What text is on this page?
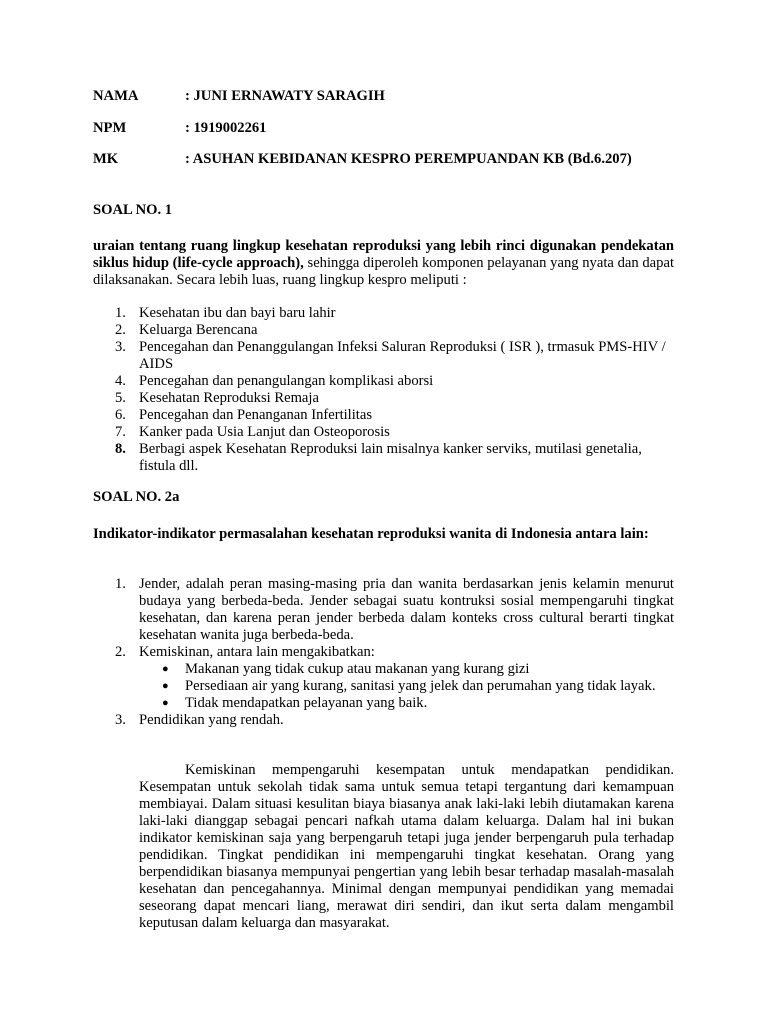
NAMA	: JUNI ERNAWATY SARAGIH
NPM	: 1919002261
MK	: ASUHAN KEBIDANAN KESPRO PEREMPUANDAN KB (Bd.6.207)
SOAL NO. 1
uraian tentang ruang lingkup kesehatan reproduksi yang lebih rinci digunakan pendekatan siklus hidup (life-cycle approach), sehingga diperoleh komponen pelayanan yang nyata dan dapat dilaksanakan. Secara lebih luas, ruang lingkup kespro meliputi :
1. Kesehatan ibu dan bayi baru lahir
2. Keluarga Berencana
3. Pencegahan dan Penanggulangan Infeksi Saluran Reproduksi ( ISR ), trmasuk PMS-HIV / AIDS
4. Pencegahan dan penangulangan komplikasi aborsi
5. Kesehatan Reproduksi Remaja
6. Pencegahan dan Penanganan Infertilitas
7. Kanker pada Usia Lanjut dan Osteoporosis
8. Berbagi aspek Kesehatan Reproduksi lain misalnya kanker serviks, mutilasi genetalia, fistula dll.
SOAL NO. 2a
Indikator-indikator permasalahan kesehatan reproduksi wanita di Indonesia antara lain:
1. Jender, adalah peran masing-masing pria dan wanita berdasarkan jenis kelamin menurut budaya yang berbeda-beda. Jender sebagai suatu kontruksi sosial mempengaruhi tingkat kesehatan, dan karena peran jender berbeda dalam konteks cross cultural berarti tingkat kesehatan wanita juga berbeda-beda.
2. Kemiskinan, antara lain mengakibatkan:
● Makanan yang tidak cukup atau makanan yang kurang gizi
● Persediaan air yang kurang, sanitasi yang jelek dan perumahan yang tidak layak.
● Tidak mendapatkan pelayanan yang baik.
3. Pendidikan yang rendah.
Kemiskinan mempengaruhi kesempatan untuk mendapatkan pendidikan. Kesempatan untuk sekolah tidak sama untuk semua tetapi tergantung dari kemampuan membiayai. Dalam situasi kesulitan biaya biasanya anak laki-laki lebih diutamakan karena laki-laki dianggap sebagai pencari nafkah utama dalam keluarga. Dalam hal ini bukan indikator kemiskinan saja yang berpengaruh tetapi juga jender berpengaruh pula terhadap pendidikan. Tingkat pendidikan ini mempengaruhi tingkat kesehatan. Orang yang berpendidikan biasanya mempunyai pengertian yang lebih besar terhadap masalah-masalah kesehatan dan pencegahannya. Minimal dengan mempunyai pendidikan yang memadai seseorang dapat mencari liang, merawat diri sendiri, dan ikut serta dalam mengambil keputusan dalam keluarga dan masyarakat.
